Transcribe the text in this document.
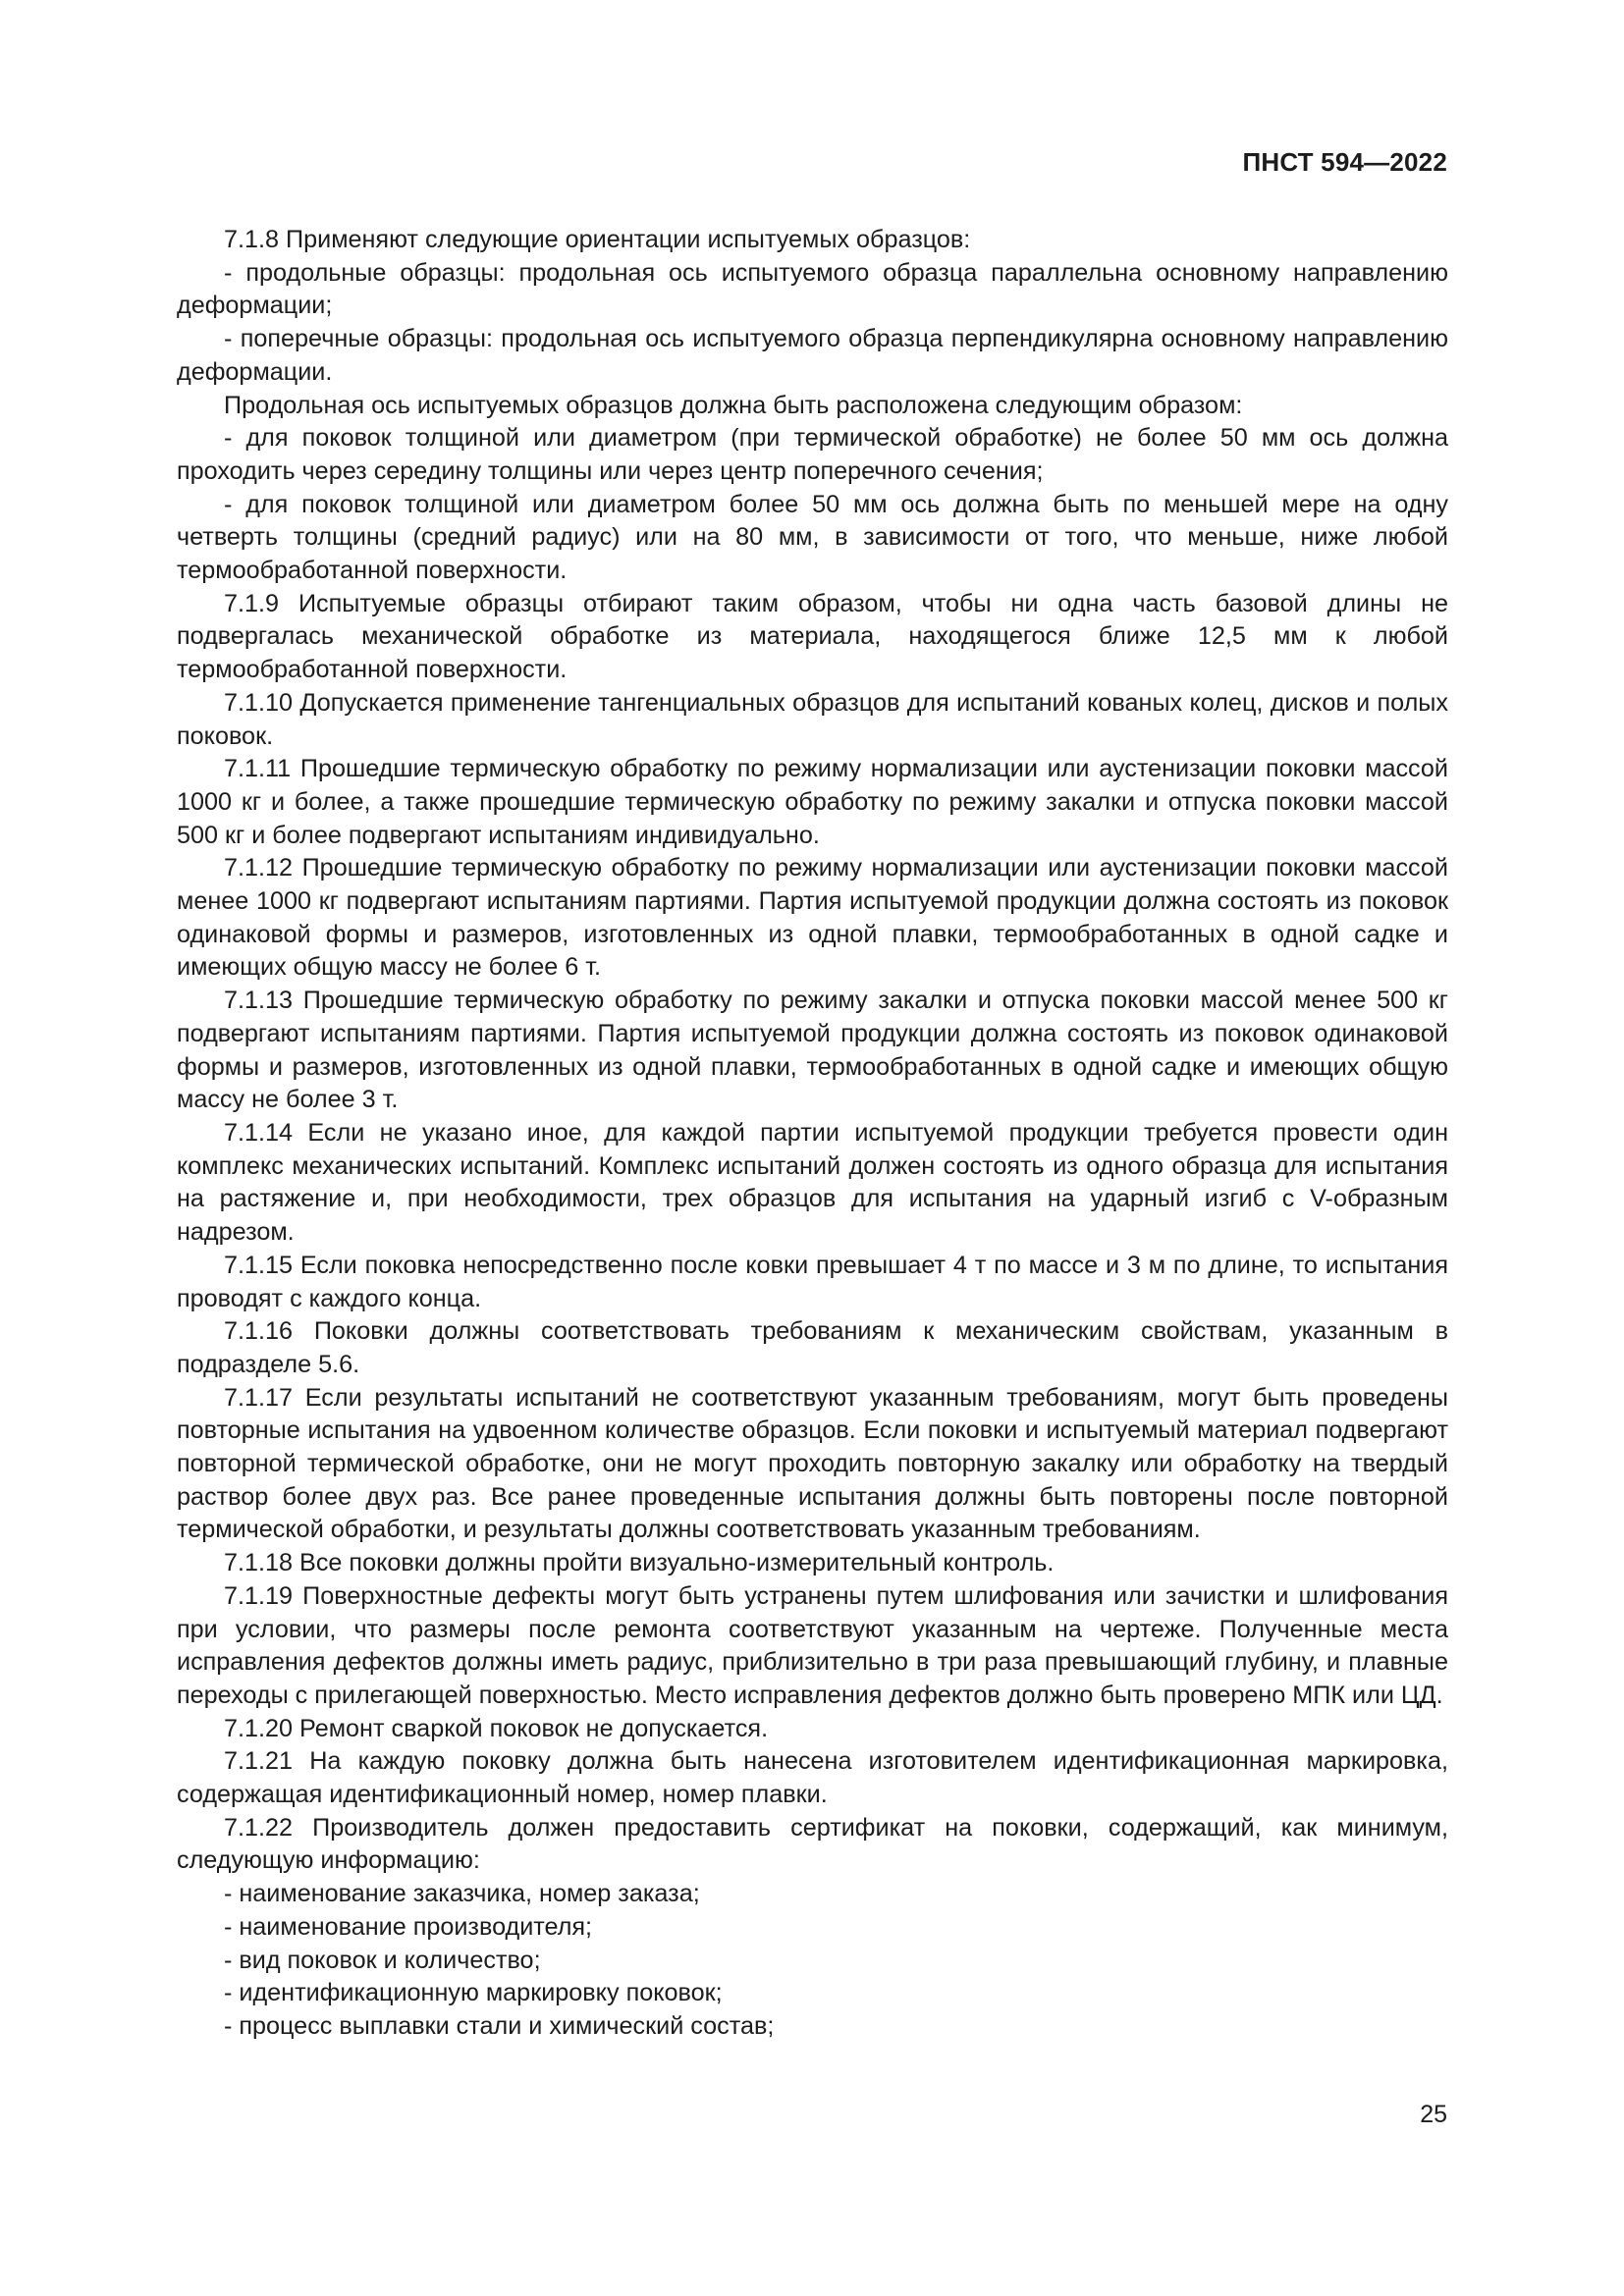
ПНСТ 594—2022

7.1.8 Применяют следующие ориентации испытуемых образцов:

- продольные образцы: продольная ось испытуемого образца параллельна основному направлению деформации;

- поперечные образцы: продольная ось испытуемого образца перпендикулярна основному направлению деформации.

Продольная ось испытуемых образцов должна быть расположена следующим образом:

- для поковок толщиной или диаметром (при термической обработке) не более 50 мм ось должна проходить через середину толщины или через центр поперечного сечения;

- для поковок толщиной или диаметром более 50 мм ось должна быть по меньшей мере на одну четверть толщины (средний радиус) или на 80 мм, в зависимости от того, что меньше, ниже любой термообработанной поверхности.

7.1.9 Испытуемые образцы отбирают таким образом, чтобы ни одна часть базовой длины не подвергалась механической обработке из материала, находящегося ближе 12,5 мм к любой термообработанной поверхности.

7.1.10 Допускается применение тангенциальных образцов для испытаний кованых колец, дисков и полых поковок.

7.1.11 Прошедшие термическую обработку по режиму нормализации или аустенизации поковки массой 1000 кг и более, а также прошедшие термическую обработку по режиму закалки и отпуска поковки массой 500 кг и более подвергают испытаниям индивидуально.

7.1.12 Прошедшие термическую обработку по режиму нормализации или аустенизации поковки массой менее 1000 кг подвергают испытаниям партиями. Партия испытуемой продукции должна состоять из поковок одинаковой формы и размеров, изготовленных из одной плавки, термообработанных в одной садке и имеющих общую массу не более 6 т.

7.1.13 Прошедшие термическую обработку по режиму закалки и отпуска поковки массой менее 500 кг подвергают испытаниям партиями. Партия испытуемой продукции должна состоять из поковок одинаковой формы и размеров, изготовленных из одной плавки, термообработанных в одной садке и имеющих общую массу не более 3 т.

7.1.14 Если не указано иное, для каждой партии испытуемой продукции требуется провести один комплекс механических испытаний. Комплекс испытаний должен состоять из одного образца для испытания на растяжение и, при необходимости, трех образцов для испытания на ударный изгиб с V-образным надрезом.

7.1.15 Если поковка непосредственно после ковки превышает 4 т по массе и 3 м по длине, то испытания проводят с каждого конца.

7.1.16 Поковки должны соответствовать требованиям к механическим свойствам, указанным в подразделе 5.6.

7.1.17 Если результаты испытаний не соответствуют указанным требованиям, могут быть проведены повторные испытания на удвоенном количестве образцов. Если поковки и испытуемый материал подвергают повторной термической обработке, они не могут проходить повторную закалку или обработку на твердый раствор более двух раз. Все ранее проведенные испытания должны быть повторены после повторной термической обработки, и результаты должны соответствовать указанным требованиям.

7.1.18 Все поковки должны пройти визуально-измерительный контроль.

7.1.19 Поверхностные дефекты могут быть устранены путем шлифования или зачистки и шлифования при условии, что размеры после ремонта соответствуют указанным на чертеже. Полученные места исправления дефектов должны иметь радиус, приблизительно в три раза превышающий глубину, и плавные переходы с прилегающей поверхностью. Место исправления дефектов должно быть проверено МПК или ЦД.

7.1.20 Ремонт сваркой поковок не допускается.

7.1.21 На каждую поковку должна быть нанесена изготовителем идентификационная маркировка, содержащая идентификационный номер, номер плавки.

7.1.22 Производитель должен предоставить сертификат на поковки, содержащий, как минимум, следующую информацию:

- наименование заказчика, номер заказа;

- наименование производителя;

- вид поковок и количество;

- идентификационную маркировку поковок;

- процесс выплавки стали и химический состав;

25
